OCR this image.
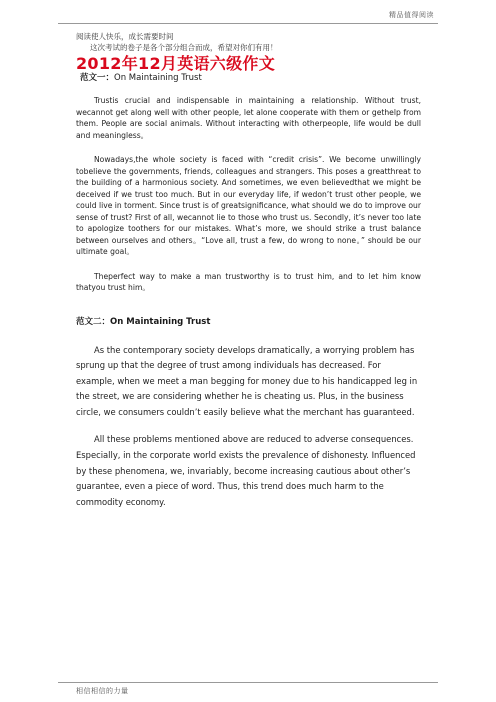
精品值得阅读
阅读使人快乐，成长需要时间
这次考试的卷子是各个部分组合而成，希望对你们有用！
2012年12月英语六级作文
范文一：On Maintaining Trust

Trustis crucial and indispensable in maintaining a relationship. Without trust, wecannot get along well with other people, let alone cooperate with them or gethelp from them. People are social animals. Without interacting with otherpeople, life would be dull and meaningless。

Nowadays,the whole society is faced with “credit crisis”. We become unwillingly tobelieve the governments, friends, colleagues and strangers. This poses a greatthreat to the building of a harmonious society. And sometimes, we even believedthat we might be deceived if we trust too much. But in our everyday life, if wedon’t trust other people, we could live in torment. Since trust is of greatsignificance, what should we do to improve our sense of trust? First of all, wecannot lie to those who trust us. Secondly, it’s never too late to apologize toothers for our mistakes. What’s more, we should strike a trust balance between ourselves and others。“Love all, trust a few, do wrong to none。” should be our ultimate goal。

Theperfect way to make a man trustworthy is to trust him, and to let him know thatyou trust him。

范文二：On Maintaining Trust

As the contemporary society develops dramatically, a worrying problem has sprung up that the degree of trust among individuals has decreased. For example, when we meet a man begging for money due to his handicapped leg in the street, we are considering whether he is cheating us. Plus, in the business circle, we consumers couldn’t easily believe what the merchant has guaranteed.

All these problems mentioned above are reduced to adverse consequences. Especially, in the corporate world exists the prevalence of dishonesty. Influenced by these phenomena, we, invariably, become increasing cautious about other’s guarantee, even a piece of word. Thus, this trend does much harm to the commodity economy.

相信相信的力量
